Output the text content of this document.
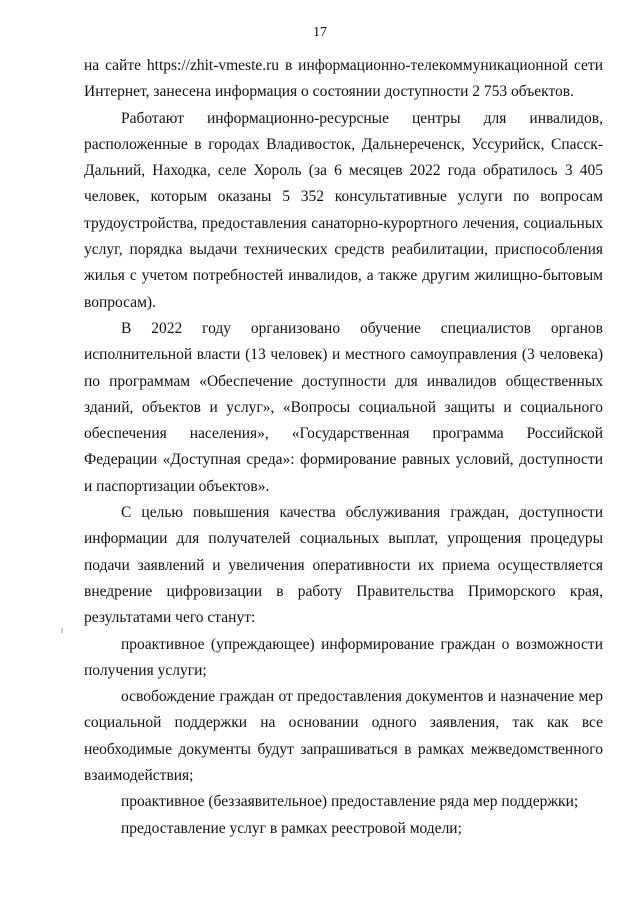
17

на сайте https://zhit-vmeste.ru в информационно-телекоммуникационной сети Интернет, занесена информация о состоянии доступности 2 753 объектов.

Работают информационно-ресурсные центры для инвалидов, расположенные в городах Владивосток, Дальнереченск, Уссурийск, Спасск-Дальний, Находка, селе Хороль (за 6 месяцев 2022 года обратилось 3 405 человек, которым оказаны 5 352 консультативные услуги по вопросам трудоустройства, предоставления санаторно-курортного лечения, социальных услуг, порядка выдачи технических средств реабилитации, приспособления жилья с учетом потребностей инвалидов, а также другим жилищно-бытовым вопросам).

В 2022 году организовано обучение специалистов органов исполнительной власти (13 человек) и местного самоуправления (3 человека) по программам «Обеспечение доступности для инвалидов общественных зданий, объектов и услуг», «Вопросы социальной защиты и социального обеспечения населения», «Государственная программа Российской Федерации «Доступная среда»: формирование равных условий, доступности и паспортизации объектов».

С целью повышения качества обслуживания граждан, доступности информации для получателей социальных выплат, упрощения процедуры подачи заявлений и увеличения оперативности их приема осуществляется внедрение цифровизации в работу Правительства Приморского края, результатами чего станут:

проактивное (упреждающее) информирование граждан о возможности получения услуги;

освобождение граждан от предоставления документов и назначение мер социальной поддержки на основании одного заявления, так как все необходимые документы будут запрашиваться в рамках межведомственного взаимодействия;

проактивное (беззаявительное) предоставление ряда мер поддержки;

предоставление услуг в рамках реестровой модели;
